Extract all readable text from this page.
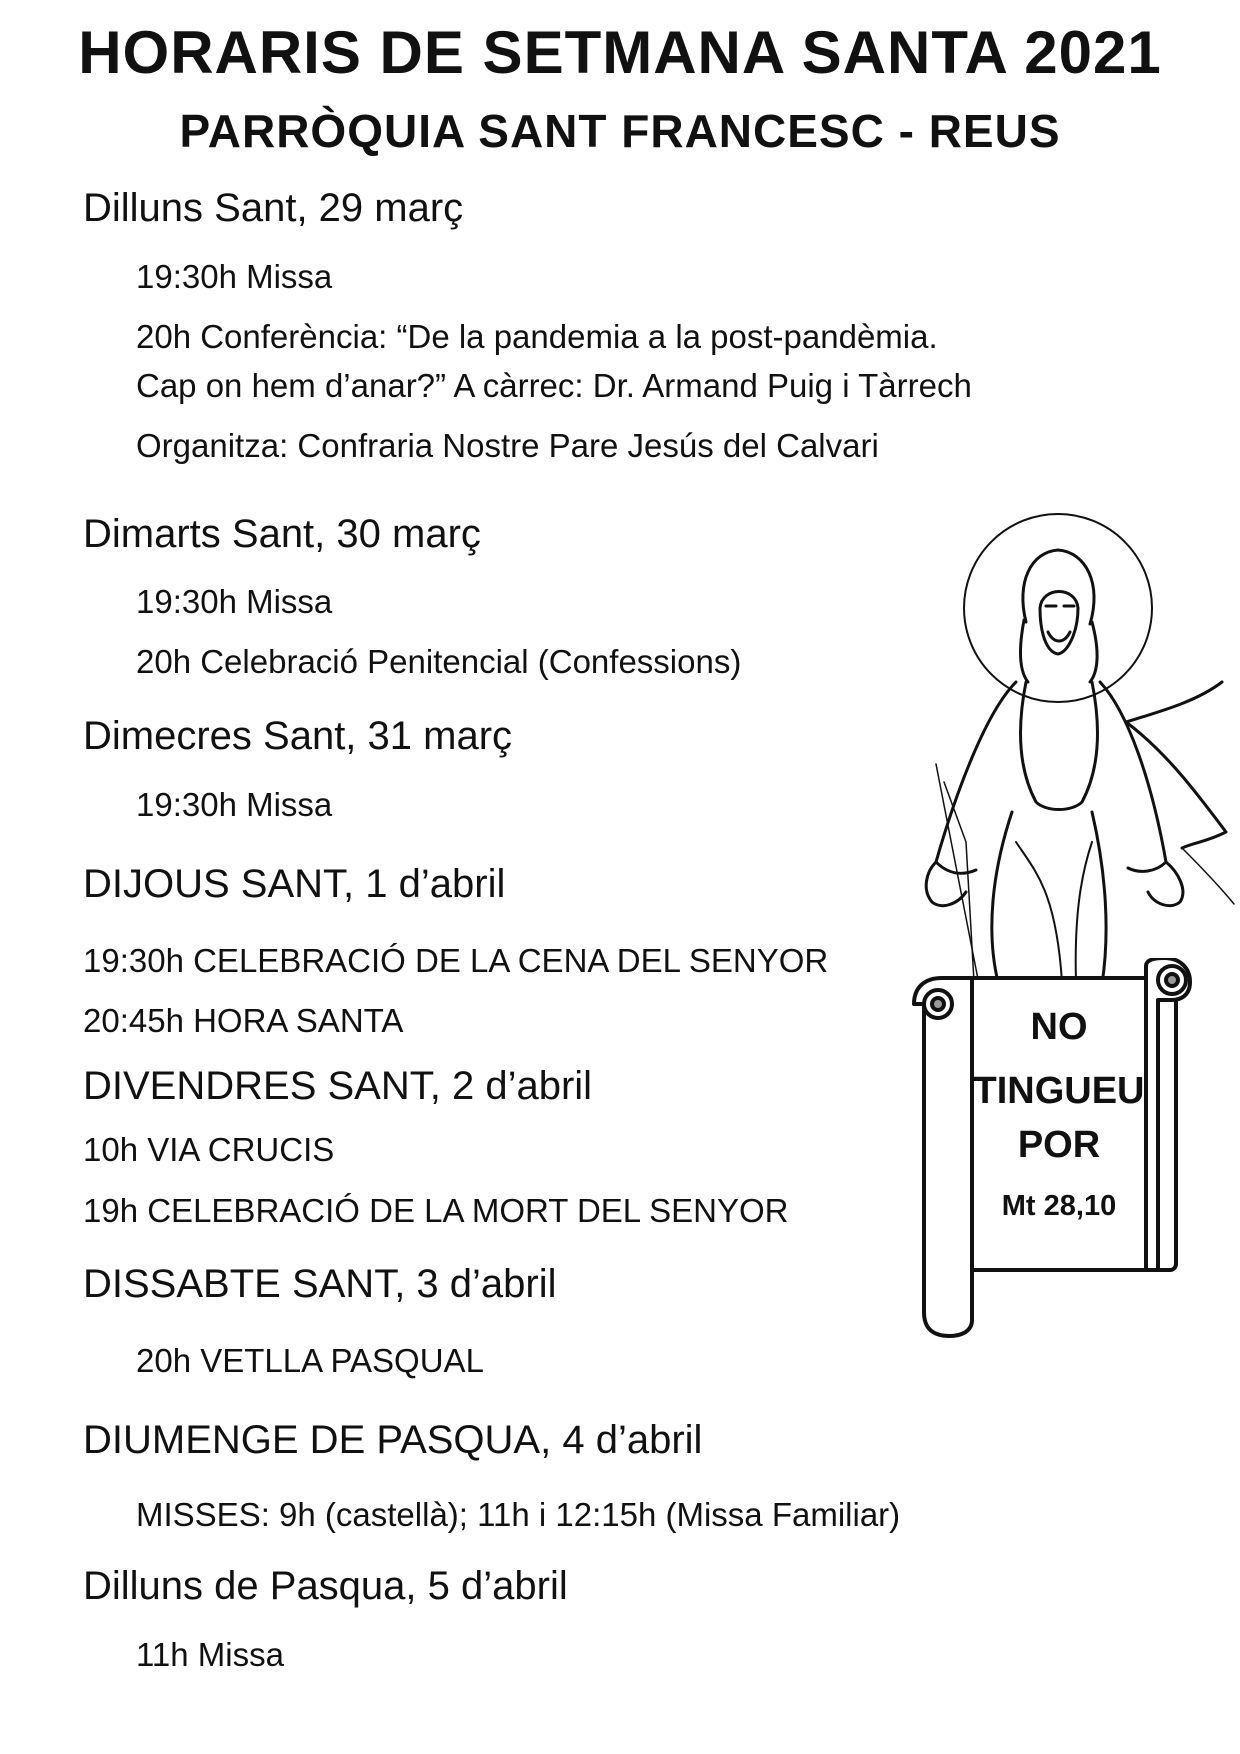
HORARIS DE SETMANA SANTA 2021
PARRÒQUIA SANT FRANCESC - REUS
Dilluns Sant, 29 març

19:30h Missa

20h Conferència: “De la pandemia a la post-pandèmia.

Cap on hem d’anar?” A càrrec: Dr. Armand Puig i Tàrrech

Organitza: Confraria Nostre Pare Jesús del Calvari

Dimarts Sant, 30 març

19:30h Missa

20h Celebració Penitencial (Confessions)

Dimecres Sant, 31 març

19:30h Missa

DIJOUS SANT, 1 d’abril

19:30h CELEBRACIÓ DE LA CENA DEL SENYOR

20:45h HORA SANTA

DIVENDRES SANT, 2 d’abril

10h VIA CRUCIS

19h CELEBRACIÓ DE LA MORT DEL SENYOR

DISSABTE SANT, 3 d’abril

20h VETLLA PASQUAL

DIUMENGE DE PASQUA, 4 d’abril

MISSES: 9h (castellà); 11h i 12:15h (Missa Familiar)

Dilluns de Pasqua, 5 d’abril

11h Missa

NO

TINGUEU

POR

Mt 28,10
